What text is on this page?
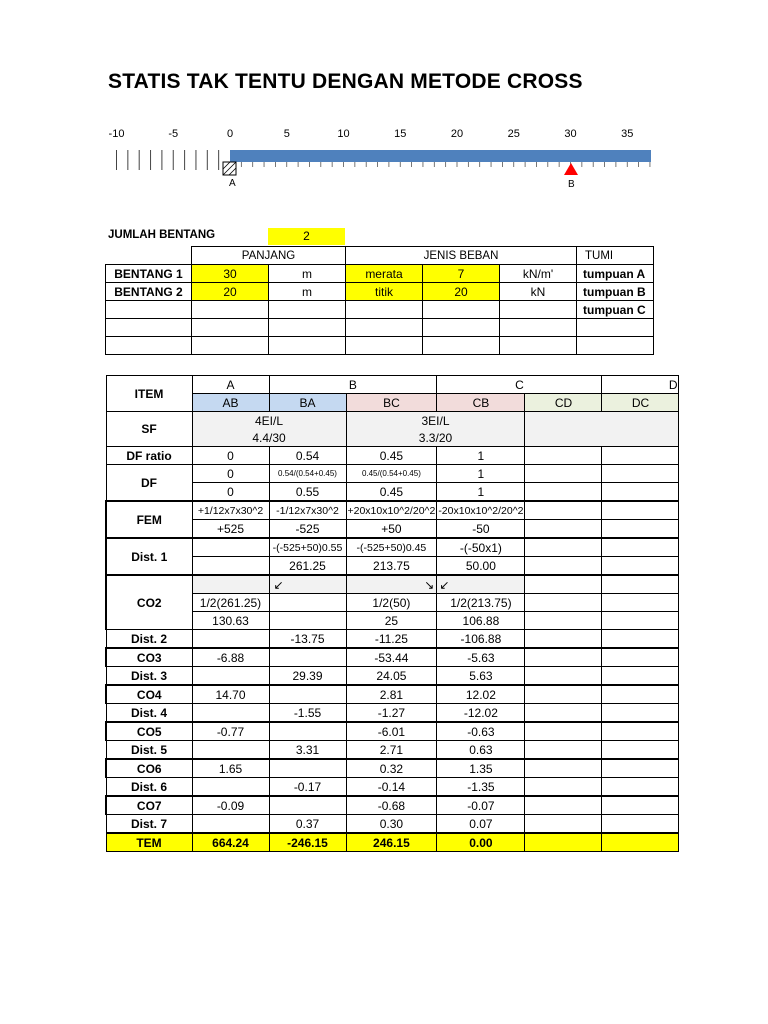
STATIS TAK TENTU DENGAN METODE CROSS
-10	-5	0	5	10	15	20	25	30	35
A	B
JUMLAH BENTANG	2
	PANJANG		JENIS BEBAN			TUMI
BENTANG 1	30	m	merata	7	kN/m'	tumpuan A
BENTANG 2	20	m	titik	20	kN	tumpuan B
						tumpuan C

ITEM	A	B		C		D
	AB	BA	BC	CB	CD	DC
SF	4EI/L		3EI/L			
	4.4/30		3.3/20			
DF ratio	0	0.54	0.45	1		
DF	0	0.54/(0.54+0.45)	0.45/(0.54+0.45)	1		
	0	0.55	0.45	1		
FEM	+1/12x7x30^2	-1/12x7x30^2	+20x10x10^2/20^2	-20x10x10^2/20^2		
	+525	-525	+50	-50		
Dist. 1		-(-525+50)0.55	-(-525+50)0.45	-(-50x1)		
		261.25	213.75	50.00		
CO2		↙	↘	↙		
	1/2(261.25)		1/2(50)	1/2(213.75)		
	130.63		25	106.88		
Dist. 2		-13.75	-11.25	-106.88		
CO3	-6.88		-53.44	-5.63		
Dist. 3		29.39	24.05	5.63		
CO4	14.70		2.81	12.02		
Dist. 4		-1.55	-1.27	-12.02		
CO5	-0.77		-6.01	-0.63		
Dist. 5		3.31	2.71	0.63		
CO6	1.65		0.32	1.35		
Dist. 6		-0.17	-0.14	-1.35		
CO7	-0.09		-0.68	-0.07		
Dist. 7		0.37	0.30	0.07		
TEM	664.24	-246.15	246.15	0.00		
